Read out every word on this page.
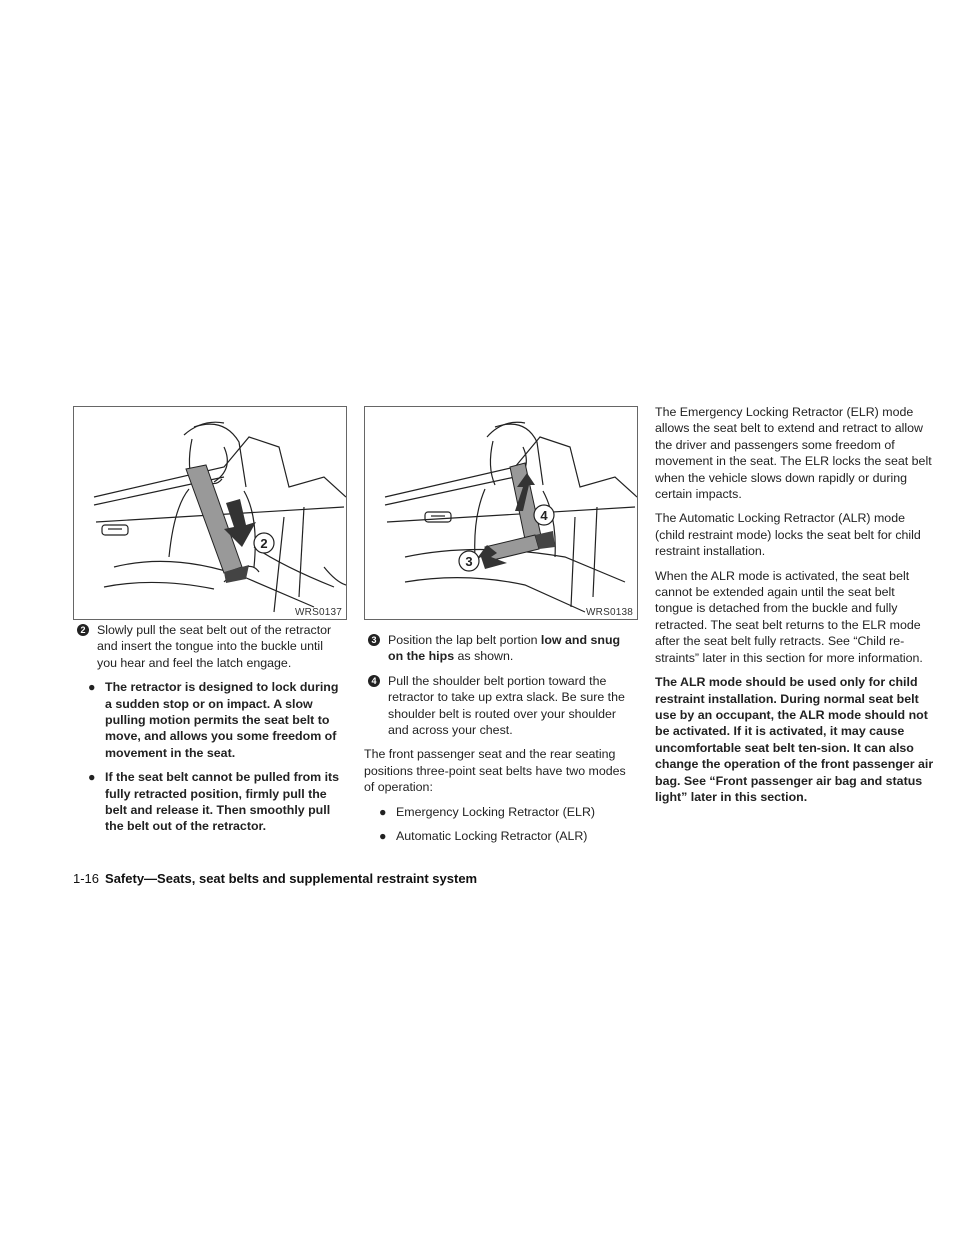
2
WRS0137
4
3
WRS0138
2 Slowly pull the seat belt out of the retractor and insert the tongue into the buckle until you hear and feel the latch engage.
● The retractor is designed to lock during a sudden stop or on impact. A slow pulling motion permits the seat belt to move, and allows you some freedom of movement in the seat.
● If the seat belt cannot be pulled from its fully retracted position, firmly pull the belt and release it. Then smoothly pull the belt out of the retractor.
3 Position the lap belt portion low and snug on the hips as shown.
4 Pull the shoulder belt portion toward the retractor to take up extra slack. Be sure the shoulder belt is routed over your shoulder and across your chest.

The front passenger seat and the rear seating positions three-point seat belts have two modes of operation:

● Emergency Locking Retractor (ELR)
● Automatic Locking Retractor (ALR)

The Emergency Locking Retractor (ELR) mode allows the seat belt to extend and retract to allow the driver and passengers some freedom of movement in the seat. The ELR locks the seat belt when the vehicle slows down rapidly or during certain impacts.

The Automatic Locking Retractor (ALR) mode (child restraint mode) locks the seat belt for child restraint installation.

When the ALR mode is activated, the seat belt cannot be extended again until the seat belt tongue is detached from the buckle and fully retracted. The seat belt returns to the ELR mode after the seat belt fully retracts. See “Child re-straints” later in this section for more information.

The ALR mode should be used only for child restraint installation. During normal seat belt use by an occupant, the ALR mode should not be activated. If it is activated, it may cause uncomfortable seat belt ten-sion. It can also change the operation of the front passenger air bag. See “Front passenger air bag and status light” later in this section.

1-16 Safety—Seats, seat belts and supplemental restraint system
